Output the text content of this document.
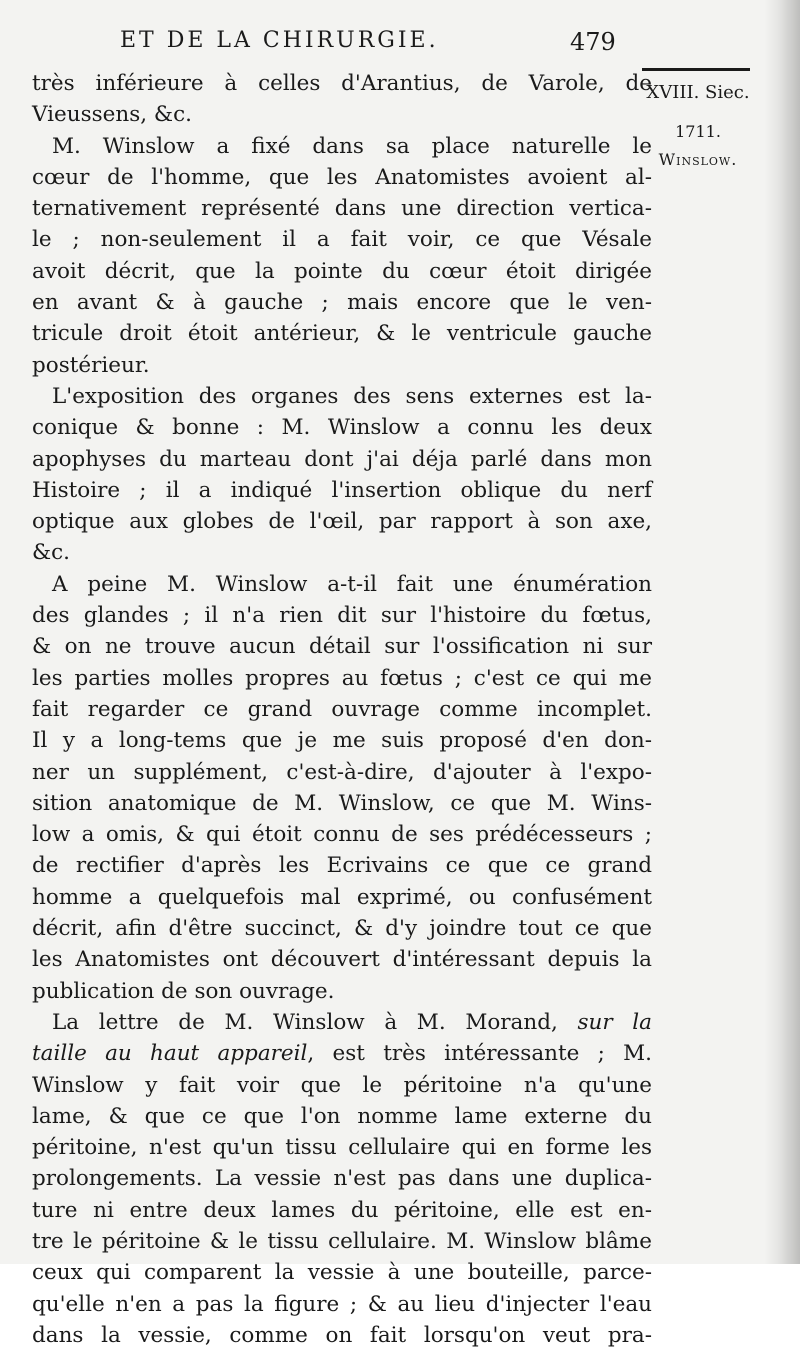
ET DE LA CHIRURGIE.	479
XVIII. Siec.
1711.
Winslow.
très inférieure à celles d'Arantius, de Varole, de
Vieussens, &c.
M. Winslow a fixé dans sa place naturelle le
cœur de l'homme, que les Anatomistes avoient al-
ternativement représenté dans une direction vertica-
le ; non-seulement il a fait voir, ce que Vésale
avoit décrit, que la pointe du cœur étoit dirigée
en avant & à gauche ; mais encore que le ven-
tricule droit étoit antérieur, & le ventricule gauche
postérieur.
L'exposition des organes des sens externes est la-
conique & bonne : M. Winslow a connu les deux
apophyses du marteau dont j'ai déja parlé dans mon
Histoire ; il a indiqué l'insertion oblique du nerf
optique aux globes de l'œil, par rapport à son axe,
&c.
A peine M. Winslow a-t-il fait une énumération
des glandes ; il n'a rien dit sur l'histoire du fœtus,
& on ne trouve aucun détail sur l'ossification ni sur
les parties molles propres au fœtus ; c'est ce qui me
fait regarder ce grand ouvrage comme incomplet.
Il y a long-tems que je me suis proposé d'en don-
ner un supplément, c'est-à-dire, d'ajouter à l'expo-
sition anatomique de M. Winslow, ce que M. Wins-
low a omis, & qui étoit connu de ses prédécesseurs ;
de rectifier d'après les Ecrivains ce que ce grand
homme a quelquefois mal exprimé, ou confusément
décrit, afin d'être succinct, & d'y joindre tout ce que
les Anatomistes ont découvert d'intéressant depuis la
publication de son ouvrage.
La lettre de M. Winslow à M. Morand, sur la
taille au haut appareil, est très intéressante ; M.
Winslow y fait voir que le péritoine n'a qu'une
lame, & que ce que l'on nomme lame externe du
péritoine, n'est qu'un tissu cellulaire qui en forme les
prolongements. La vessie n'est pas dans une duplica-
ture ni entre deux lames du péritoine, elle est en-
tre le péritoine & le tissu cellulaire. M. Winslow blâme
ceux qui comparent la vessie à une bouteille, parce-
qu'elle n'en a pas la figure ; & au lieu d'injecter l'eau
dans la vessie, comme on fait lorsqu'on veut pra-
